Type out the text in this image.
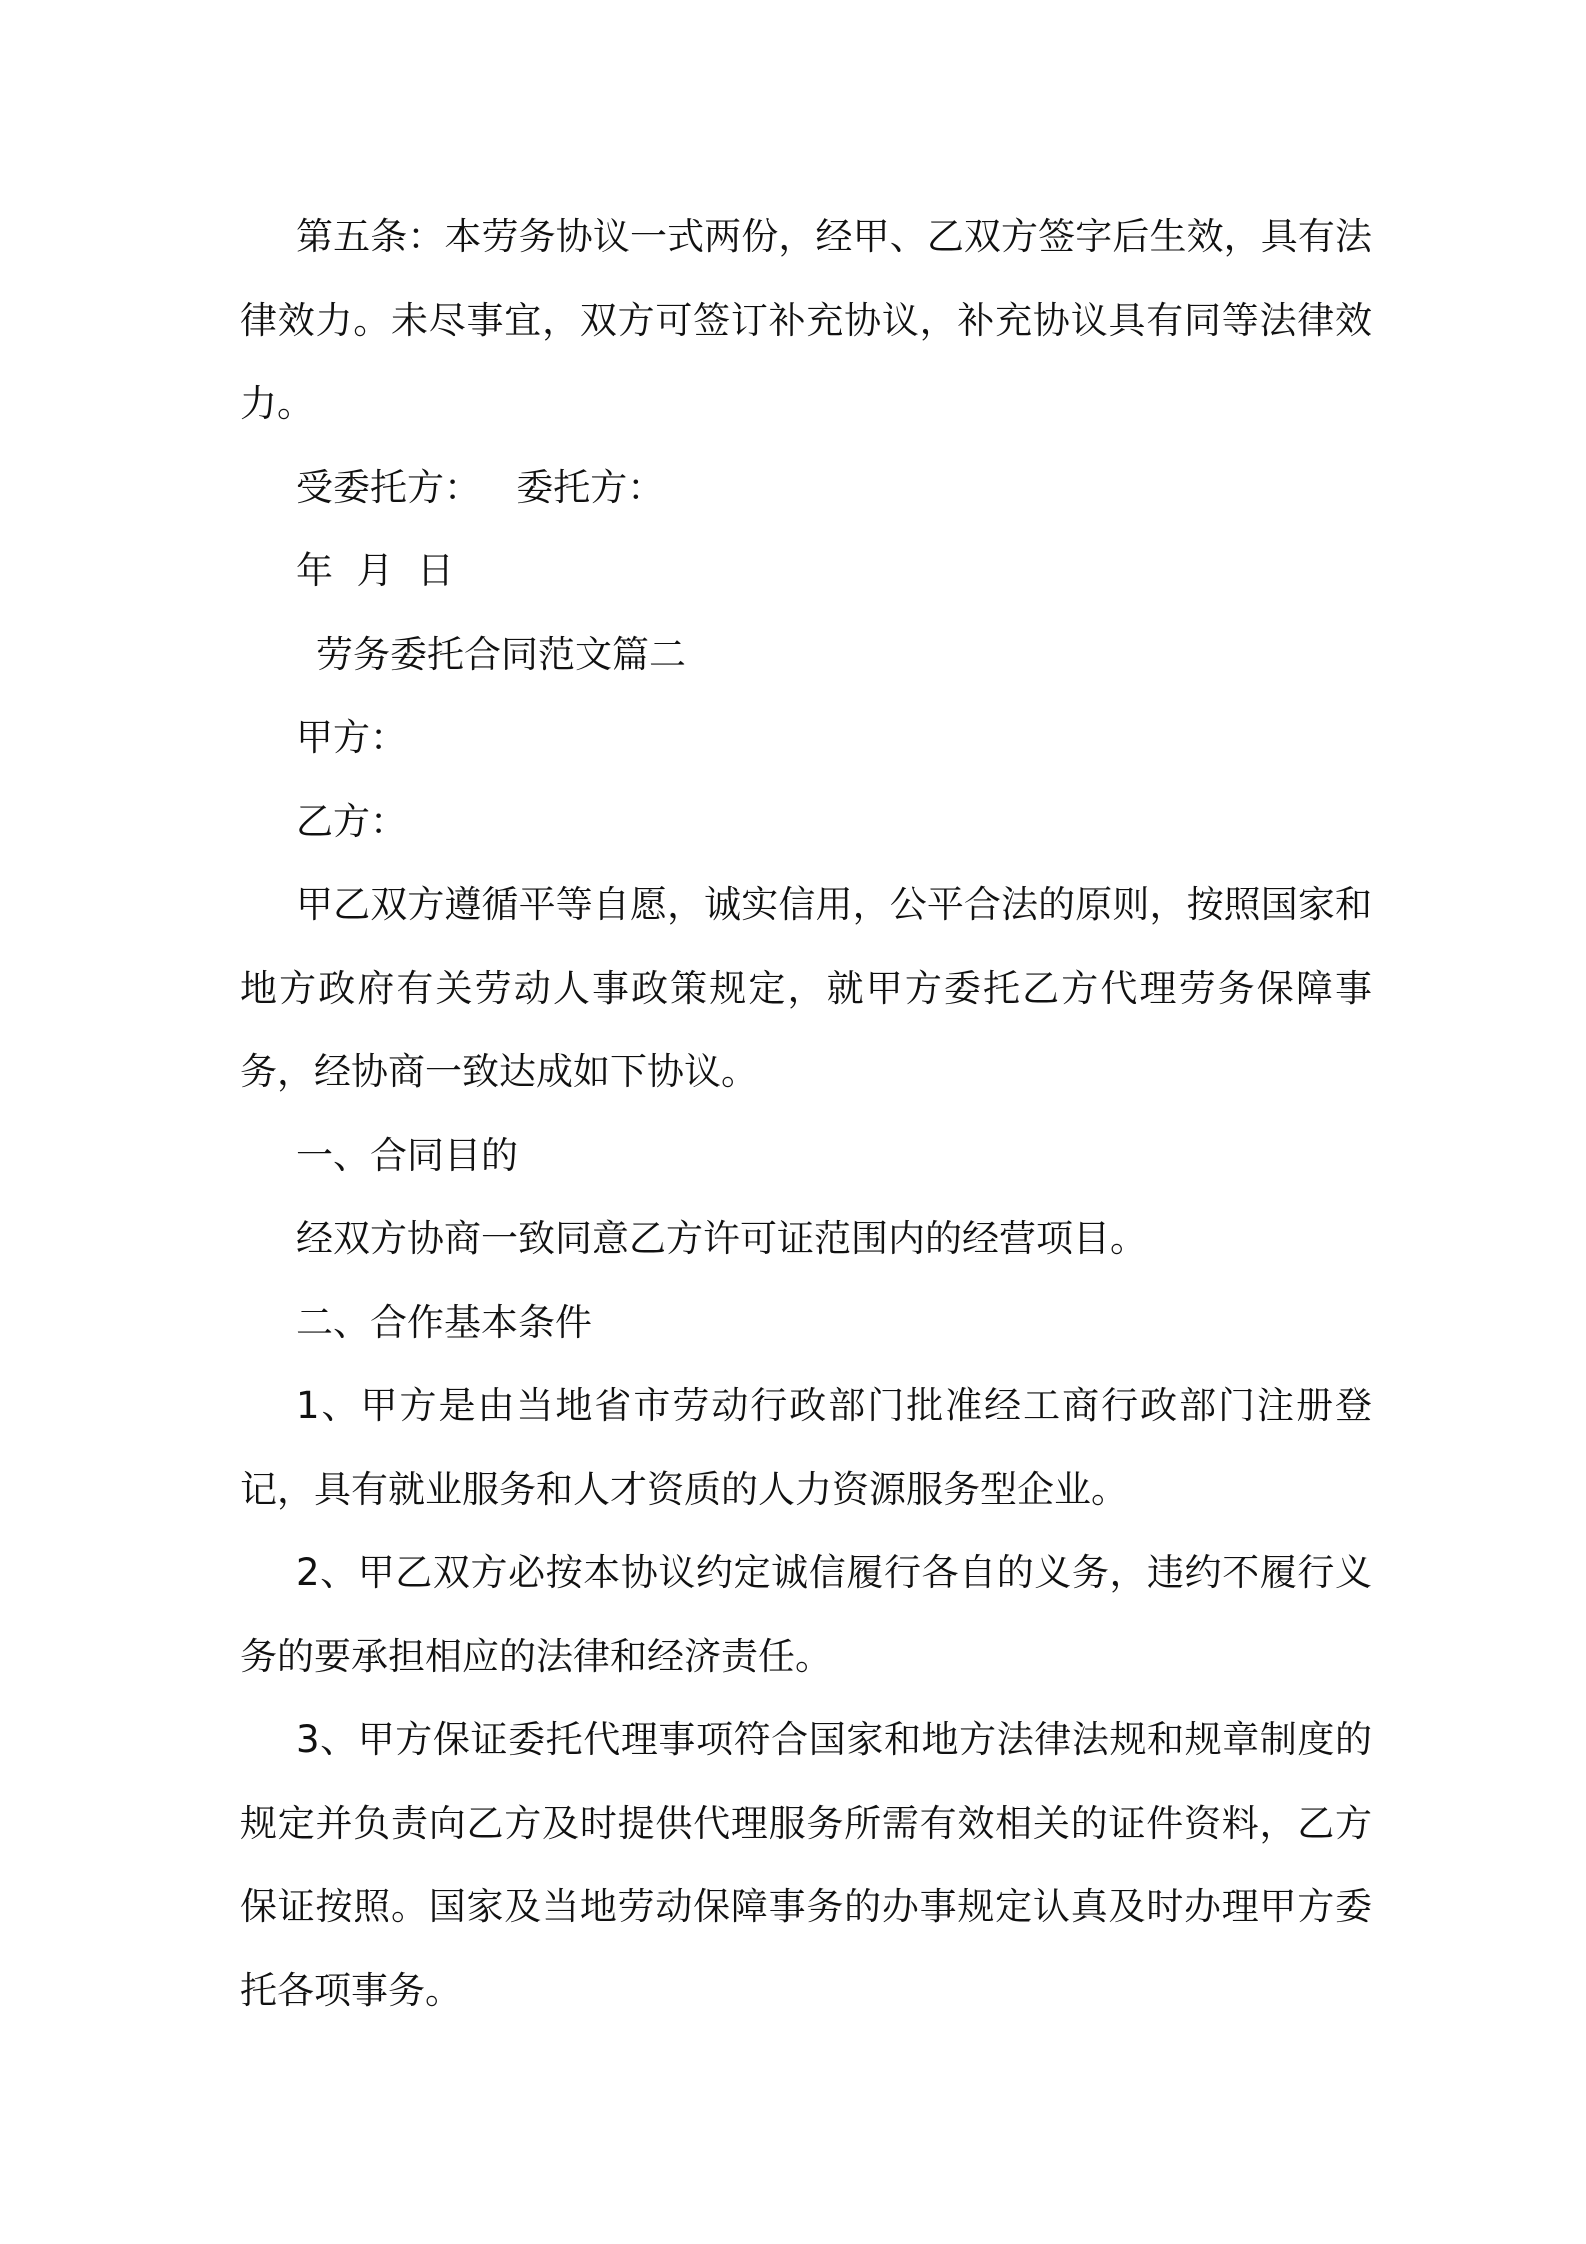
第五条：本劳务协议一式两份，经甲、乙双方签字后生效，具有法律效力。未尽事宜，双方可签订补充协议，补充协议具有同等法律效力。

受委托方：   委托方：

年  月  日

劳务委托合同范文篇二

甲方：

乙方：

甲乙双方遵循平等自愿，诚实信用，公平合法的原则，按照国家和地方政府有关劳动人事政策规定，就甲方委托乙方代理劳务保障事务，经协商一致达成如下协议。

一、合同目的

经双方协商一致同意乙方许可证范围内的经营项目。

二、合作基本条件

1、甲方是由当地省市劳动行政部门批准经工商行政部门注册登记，具有就业服务和人才资质的人力资源服务型企业。

2、甲乙双方必按本协议约定诚信履行各自的义务，违约不履行义务的要承担相应的法律和经济责任。

3、甲方保证委托代理事项符合国家和地方法律法规和规章制度的规定并负责向乙方及时提供代理服务所需有效相关的证件资料，乙方保证按照。国家及当地劳动保障事务的办事规定认真及时办理甲方委托各项事务。
